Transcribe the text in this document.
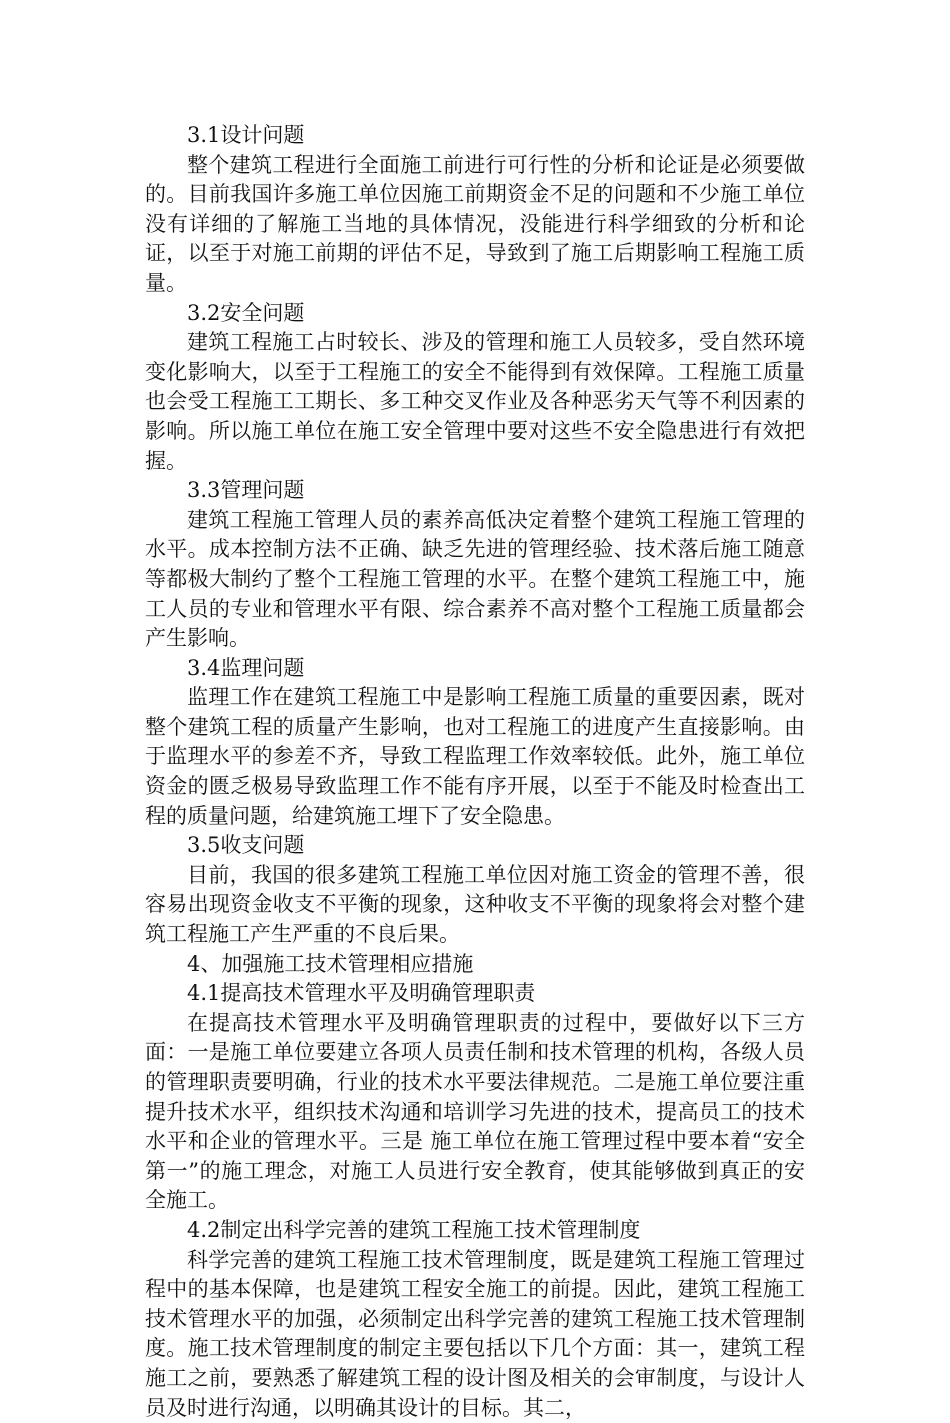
3.1设计问题

整个建筑工程进行全面施工前进行可行性的分析和论证是必须要做的。目前我国许多施工单位因施工前期资金不足的问题和不少施工单位没有详细的了解施工当地的具体情况，没能进行科学细致的分析和论证，以至于对施工前期的评估不足，导致到了施工后期影响工程施工质量。

3.2安全问题

建筑工程施工占时较长、涉及的管理和施工人员较多，受自然环境变化影响大，以至于工程施工的安全不能得到有效保障。工程施工质量也会受工程施工工期长、多工种交叉作业及各种恶劣天气等不利因素的影响。所以施工单位在施工安全管理中要对这些不安全隐患进行有效把握。

3.3管理问题

建筑工程施工管理人员的素养高低决定着整个建筑工程施工管理的水平。成本控制方法不正确、缺乏先进的管理经验、技术落后施工随意等都极大制约了整个工程施工管理的水平。在整个建筑工程施工中，施工人员的专业和管理水平有限、综合素养不高对整个工程施工质量都会产生影响。

3.4监理问题

监理工作在建筑工程施工中是影响工程施工质量的重要因素，既对整个建筑工程的质量产生影响，也对工程施工的进度产生直接影响。由于监理水平的参差不齐，导致工程监理工作效率较低。此外，施工单位资金的匮乏极易导致监理工作不能有序开展，以至于不能及时检查出工程的质量问题，给建筑施工埋下了安全隐患。

3.5收支问题

目前，我国的很多建筑工程施工单位因对施工资金的管理不善，很容易出现资金收支不平衡的现象，这种收支不平衡的现象将会对整个建筑工程施工产生严重的不良后果。

4、加强施工技术管理相应措施

4.1提高技术管理水平及明确管理职责

在提高技术管理水平及明确管理职责的过程中，要做好以下三方面：一是施工单位要建立各项人员责任制和技术管理的机构，各级人员的管理职责要明确，行业的技术水平要法律规范。二是施工单位要注重提升技术水平，组织技术沟通和培训学习先进的技术，提高员工的技术水平和企业的管理水平。三是 施工单位在施工管理过程中要本着“安全第一”的施工理念，对施工人员进行安全教育，使其能够做到真正的安全施工。

4.2制定出科学完善的建筑工程施工技术管理制度

科学完善的建筑工程施工技术管理制度，既是建筑工程施工管理过程中的基本保障，也是建筑工程安全施工的前提。因此，建筑工程施工技术管理水平的加强，必须制定出科学完善的建筑工程施工技术管理制度。施工技术管理制度的制定主要包括以下几个方面：其一，建筑工程施工之前，要熟悉了解建筑工程的设计图及相关的会审制度，与设计人员及时进行沟通，以明确其设计的目标。其二，
